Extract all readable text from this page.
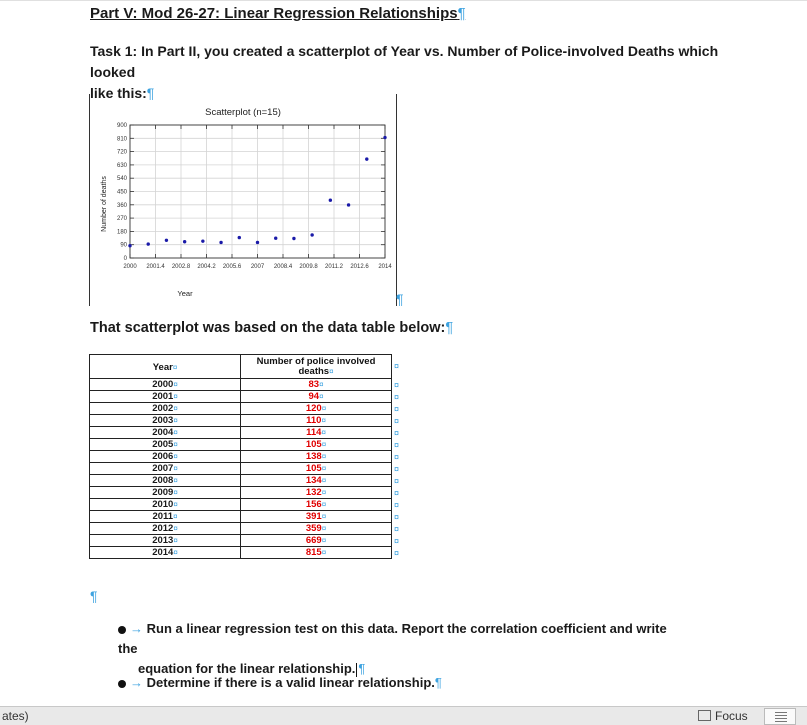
Part V: Mod 26-27: Linear Regression Relationships¶
Task 1: In Part II, you created a scatterplot of Year vs. Number of Police-involved Deaths which looked
like this:¶
Scatterplot (n=15)
Year
Number of deaths
2000 2001.4 2002.8 2004.2 2005.6 2007 2008.4 2009.8 2011.2 2012.6 2014
0
90
180
270
360
450
540
630
720
810
900
¶
That scatterplot was based on the data table below:¶
Year¤	Number of police involved deaths¤
2000¤	83¤
2001¤	94¤
2002¤	120¤
2003¤	110¤
2004¤	114¤
2005¤	105¤
2006¤	138¤
2007¤	105¤
2008¤	134¤
2009¤	132¤
2010¤	156¤
2011¤	391¤
2012¤	359¤
2013¤	669¤
2014¤	815¤
¤
¤
¤
¤
¤
¤
¤
¤
¤
¤
¤
¤
¤
¤
¤
¤
¶
→ Run a linear regression test on this data. Report the correlation coefficient and write the
equation for the linear relationship. ¶
→ Determine if there is a valid linear relationship.¶
ates)	Focus
